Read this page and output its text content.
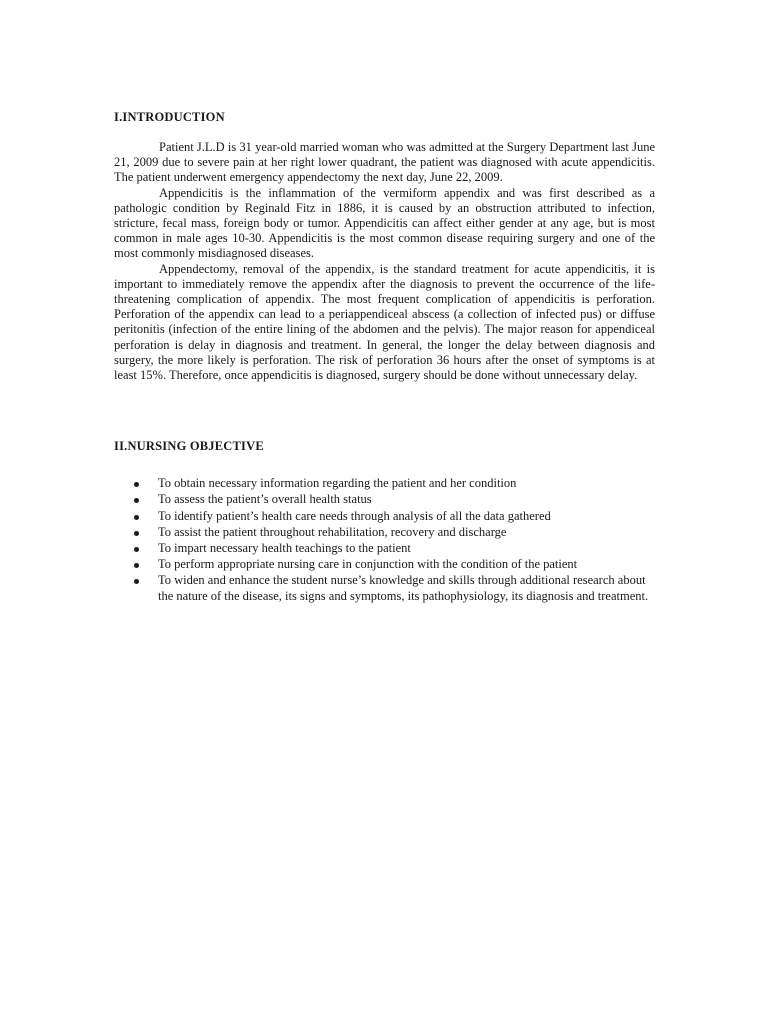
I.INTRODUCTION

Patient J.L.D is 31 year-old married woman who was admitted at the Surgery Department last June 21, 2009 due to severe pain at her right lower quadrant, the patient was diagnosed with acute appendicitis. The patient underwent emergency appendectomy the next day, June 22, 2009.

Appendicitis is the inflammation of the vermiform appendix and was first described as a pathologic condition by Reginald Fitz in 1886, it is caused by an obstruction attributed to infection, stricture, fecal mass, foreign body or tumor. Appendicitis can affect either gender at any age, but is most common in male ages 10-30. Appendicitis is the most common disease requiring surgery and one of the most commonly misdiagnosed diseases.

Appendectomy, removal of the appendix, is the standard treatment for acute appendicitis, it is important to immediately remove the appendix after the diagnosis to prevent the occurrence of the life-threatening complication of appendix. The most frequent complication of appendicitis is perforation. Perforation of the appendix can lead to a periappendiceal abscess (a collection of infected pus) or diffuse peritonitis (infection of the entire lining of the abdomen and the pelvis). The major reason for appendiceal perforation is delay in diagnosis and treatment. In general, the longer the delay between diagnosis and surgery, the more likely is perforation. The risk of perforation 36 hours after the onset of symptoms is at least 15%. Therefore, once appendicitis is diagnosed, surgery should be done without unnecessary delay.

II.NURSING OBJECTIVE
To obtain necessary information regarding the patient and her condition
To assess the patient’s overall health status
To identify patient’s health care needs through analysis of all the data gathered
To assist the patient throughout rehabilitation, recovery and discharge
To impart necessary health teachings to the patient
To perform appropriate nursing care in conjunction with the condition of the patient
To widen and enhance the student nurse’s knowledge and skills through additional research about the nature of the disease, its signs and symptoms, its pathophysiology, its diagnosis and treatment.
